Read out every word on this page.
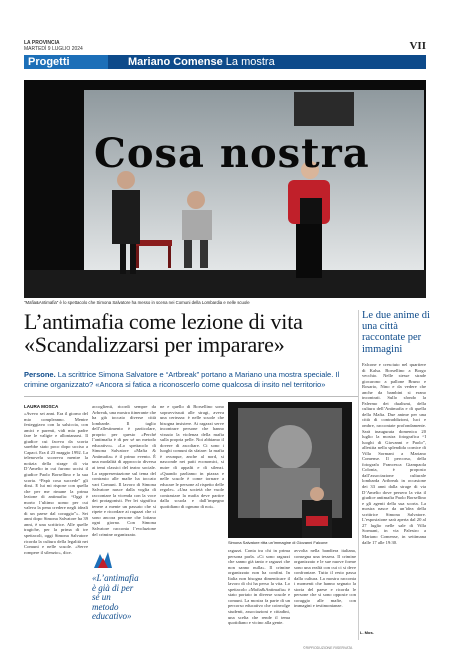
LA PROVINCIA
MARTEDÌ 9 LUGLIO 2024	VII
Progetti	Mariano Comense La mostra
Cosa nostra
"Mafia&Antimafia" è lo spettacolo che Simona Salvatore ha messo in scena nei Comuni della Lombardia e nelle scuole
L’antimafia come lezione di vita
«Scandalizzarsi per imparare»
Persone. La scrittrice Simona Salvatore e “Artbreak” portano a Mariano una mostra speciale. Il crimine organizzato? «Ancora si fatica a riconoscerlo come qualcosa di insito nel territorio»
LAURA MOSCA
«Avevo sei anni. Era il giorno del mio compleanno. Mentre festeggiavo con la salsiccia, con amici e parenti, vidi mio padre fare le valigie e allontanarsi. Il giudice cui faceva da scorta sarebbe stato poco dopo ucciso a Capaci. Era il 23 maggio 1992. La telenovela scorreva mentre la notizia della strage di via D’Amelio in cui furono uccisi il giudice Paolo Borsellino e la sua scorta. “Papà cosa succede” gli dissi. E lui mi rispose con quella che per me rimane la prima lezione di antimafia: “Oggi è morto l’ultimo uomo per cui valeva la pena credere negli ideali di un paese dal coraggio”». Sei anni dopo Simona Salvatore ha 39 anni, è una scrittrice. Alle quelle tragiche, per la prima di tre spettacoli, oggi Simona Salvatore ricorda la cultura della legalità nei Comuni e nelle scuole. «Serve rompere il silenzio», dice.
accoglienti, ricordi sempre da Arbreak, una mostra itinerante che ha già toccato diverse città lombarde. Il taglio dell’allestimento è particolare, proprio per questo «Perché l’antimafia è di per sé un metodo educativo». «Lo spettacolo di Simona Salvatore «Mafia & Antimafia» è il primo evento. È una modalità di approccio diversa ai temi classici del teatro sociale. La rappresentazione sul tema del contrasto alle mafie ha toccato vari Comuni. Il lavoro di Simona Salvatore nasce dalla voglia di raccontare la vicenda con la voce dei protagonisti. Per lei significa tenere a mente un passato che si ripete e ricordare ai ragazzi che ci sono ancora persone che lottano ogni giorno. Con Simona Salvatore racconta l’evoluzione del crimine organizzato.
ne e quello di Borsellino sono sopravvissuti alle stragi, aveva una certezza: è nelle scuole che bisogna insistere. Ai ragazzi serve incontrare persone che hanno vissuto la violenza della mafia sulla propria pelle. Noi abbiamo il dovere di ascoltare. Ci sono i luoghi comuni da sfatare: la mafia è ovunque, anche al nord, si nasconde nei patti economici, si nutre di appalti e di silenzi. «Quando parliamo in piazza e nelle scuole è come tornare a educare le persone al rispetto delle regole». «Una società che vuole contrastare la mafia deve partire dalla scuola e dall’impegno quotidiano di ognuno di noi».
ragazzi. Conta tra chi in prima persona parla. «Ci sono ragazzi che sanno già tanto e ragazzi che non sanno nulla». Il crimine organizzato non ha confini. In Italia non bisogna dimenticare il lavoro di chi ha perso la vita. Lo spettacolo «Mafia&Antimafia» è stato portato in diverse scuole e comuni. La mostra fa parte di un percorso educativo che coinvolge studenti, associazioni e cittadini, una scelta che rende il tema quotidiano e vicino alla gente.
avvolta nella bandiera italiana, consegna una tessera. Il crimine organizzato e le sue nuove forme sono una realtà con cui ci si deve confrontare. Tutto il resto passa dalla cultura. La mostra racconta i momenti che hanno segnato la storia del paese e ricorda le persone che si sono opposte con coraggio alle mafie, con immagini e testimonianze.
«L’antimafia è già di per sé un metodo educativo»
Simona Salvatore ritta un’immagine di Giovanni Falcone
Le due anime di una città raccontate per immagini
Falcone e cresciuto nel quartiere di Kalsa. Borsellino a Borgo vecchio. Nelle stesse strade giocarono a pallone Bruno e Rosario, Nino e da vedere che anche da bambini si erano incontrati. Sullo sfondo la Palermo dei dualismi, della cultura dell’Antimafia e di quella della Mafia. Due anime per una città di contraddizioni, luci e ombre, raccontate profondamente. Sarà inaugurata domenica 20 luglio la mostra fotografica “I luoghi di Giovanni e Paolo”, allestita nella splendida cornice di Villa Sormani a Mariano Comense. Il percorso, della fotografa Francesca Giampaola Colonia, è proposto dall’associazione culturale lombarda Artbreak in occasione dei 33 anni dalla strage di via D’Amelio dove persero la vita il giudice antimafia Paolo Borsellino e gli agenti della sua scorta. La mostra nasce da un’idea della scrittrice Simona Salvatore. L’esposizione sarà aperta dal 20 al 27 luglio nelle sale di Villa Sormani, in via Palestro a Mariano Comense, in settimana dalle 17 alle 19:30.
L. Mos.
©RIPRODUZIONE RISERVATA
